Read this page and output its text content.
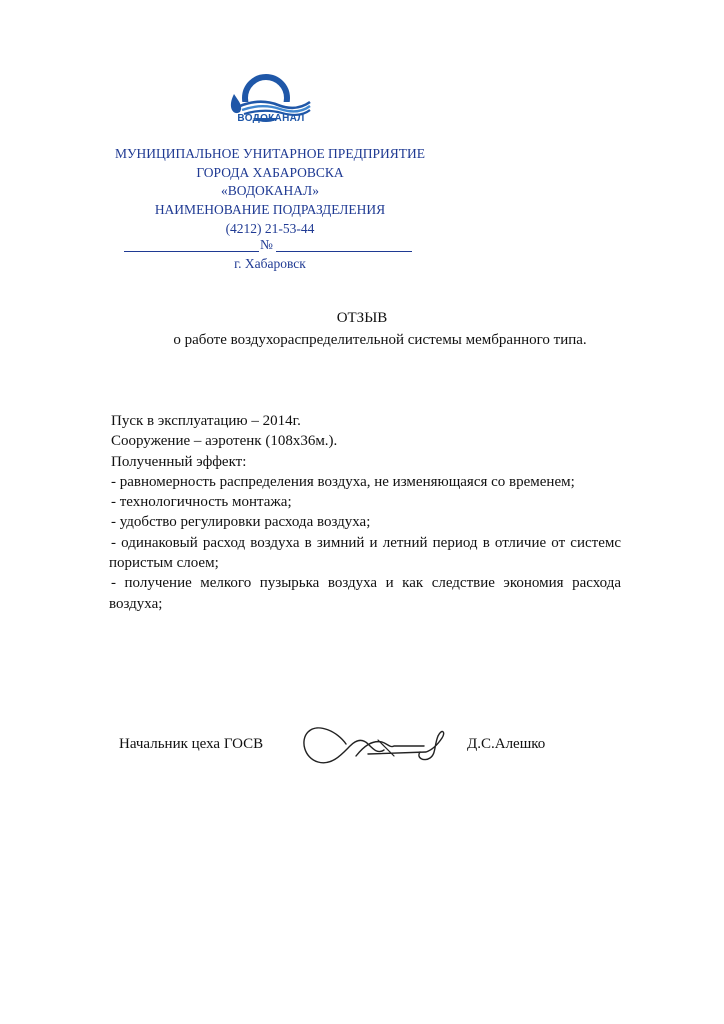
ВОДОКАНАЛ
МУНИЦИПАЛЬНОЕ УНИТАРНОЕ ПРЕДПРИЯТИЕ
ГОРОДА ХАБАРОВСКА
«ВОДОКАНАЛ»
НАИМЕНОВАНИЕ ПОДРАЗДЕЛЕНИЯ
(4212) 21-53-44
№
г. Хабаровск
ОТЗЫВ
о работе воздухораспределительной системы мембранного типа.

Пуск в эксплуатацию – 2014г.

Сооружение – аэротенк (108х36м.).

Полученный эффект:

- равномерность распределения воздуха, не изменяющаяся со временем;

- технологичность монтажа;

- удобство регулировки расхода воздуха;

- одинаковый расход воздуха в зимний и летний период в отличие от системс

пористым слоем;

- получение мелкого пузырька воздуха и как следствие экономия расхода

воздуха;

Начальник цеха ГОСВ	Д.С.Алешко
